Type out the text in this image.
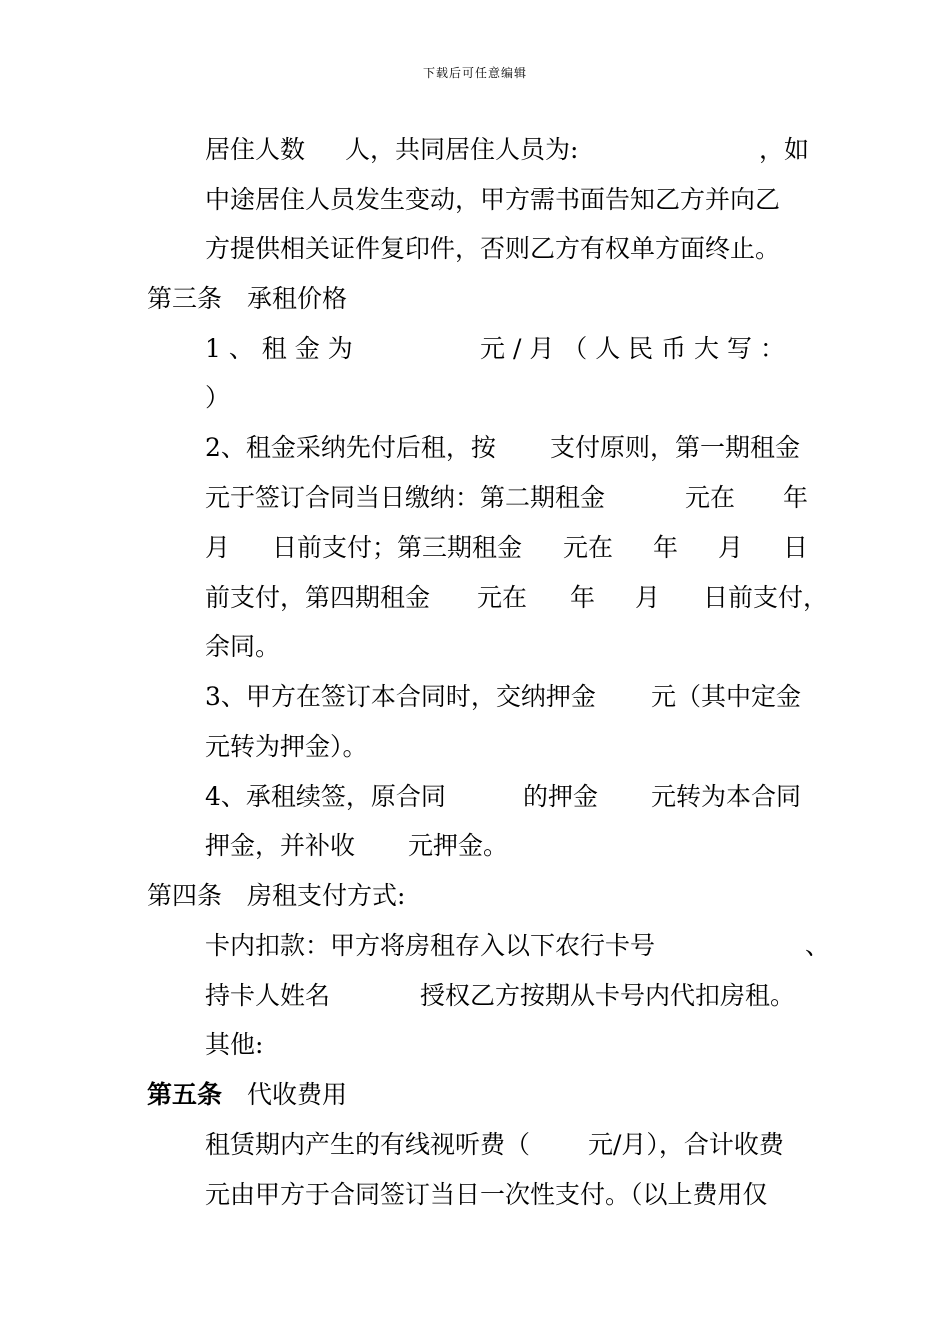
下载后可任意编辑

居住人数

人，共同居住人员为:

	，如

中途居住人员发生变动，甲方需书面告知乙方并向乙
方提供相关证件复印件，否则乙方有权单方面终止。

第三条

承租价格

1 、 租 金 为

	元 / 月 （ 人 民 币 大 写 ：

）

2、租金采纳先付后租，按

支付原则，第一期租金

元于签订合同当日缴纳：第二期租金

	元在

年

月

日前支付；第三期租金

元在

年

月

日

前支付，第四期租金

元在

年

月

日前支付，

余同。

3、甲方在签订本合同时，交纳押金

元（其中定金

元转为押金）。

4、承租续签，原合同

	的押金

元转为本合同

押金，并补收

元押金。

第四条

房租支付方式:

卡内扣款：甲方将房租存入以下农行卡号

	、

持卡人姓名

	授权乙方按期从卡号内代扣房租。

其他:

第五条

代收费用

租赁期内产生的有线视听费（

元/月），合计收费

元由甲方于合同签订当日一次性支付。（以上费用仅
